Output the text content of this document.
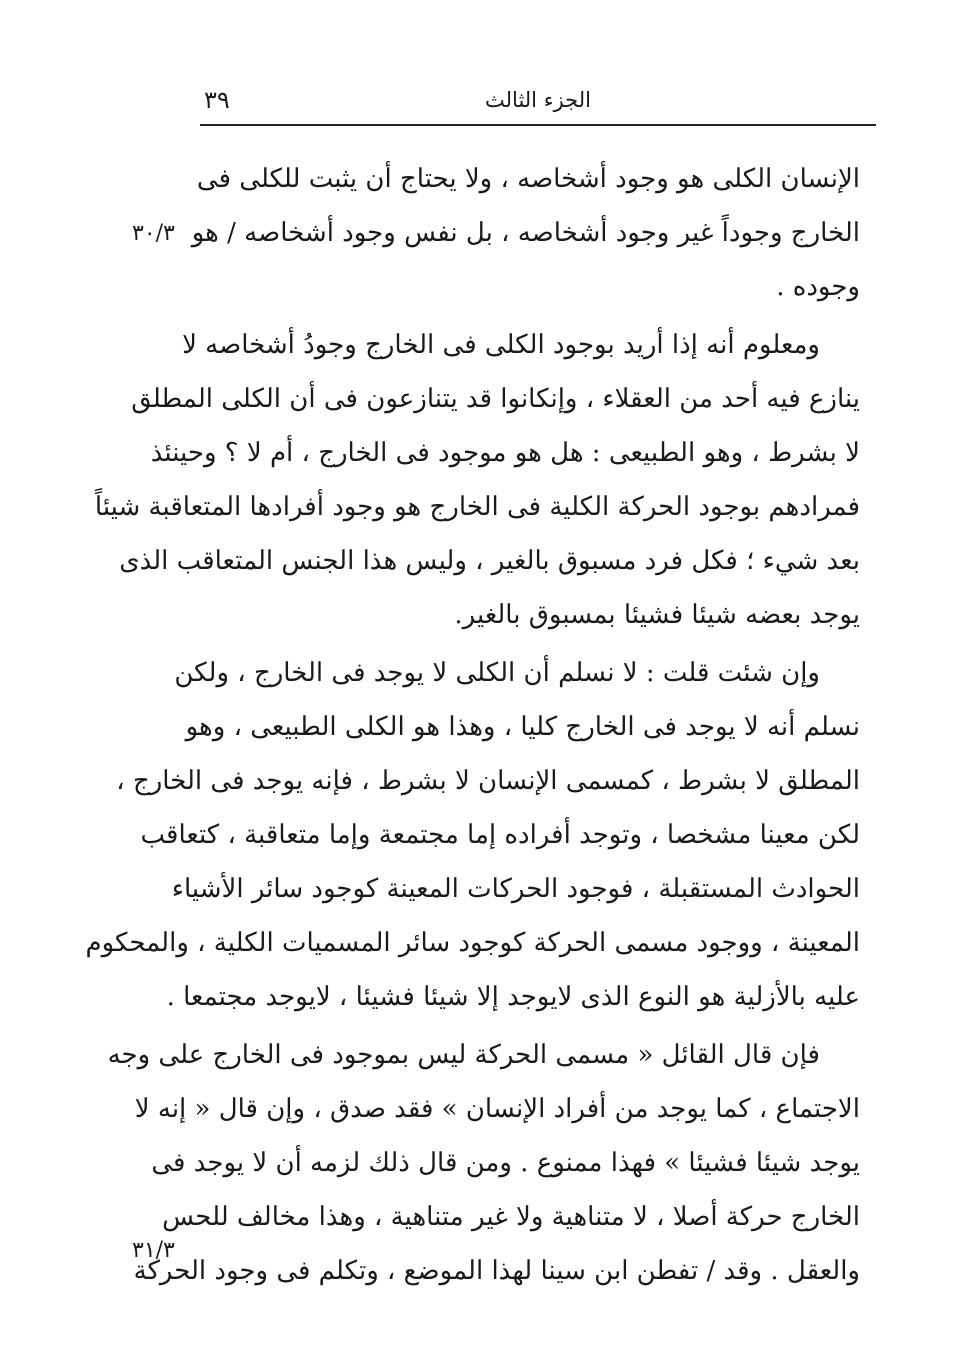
٣٩	الجزء الثالث
٣٠/٣
٣١/٣
الإنسان الكلى هو وجود أشخاصه ، ولا يحتاج أن يثبت للكلى فى
الخارج وجوداً غير وجود أشخاصه ، بل نفس وجود أشخاصه / هو
وجوده .
ومعلوم أنه إذا أريد بوجود الكلى فى الخارج وجودُ أشخاصه لا
ينازع فيه أحد من العقلاء ، وإنكانوا قد يتنازعون فى أن الكلى المطلق
لا بشرط ، وهو الطبيعى : هل هو موجود فى الخارج ، أم لا ؟ وحينئذ
فمرادهم بوجود الحركة الكلية فى الخارج هو وجود أفرادها المتعاقبة شيئاً
بعد شيء ؛ فكل فرد مسبوق بالغير ، وليس هذا الجنس المتعاقب الذى
يوجد بعضه شيئا فشيئا بمسبوق بالغير.
وإن شئت قلت : لا نسلم أن الكلى لا يوجد فى الخارج ، ولكن
نسلم أنه لا يوجد فى الخارج كليا ، وهذا هو الكلى الطبيعى ، وهو
المطلق لا بشرط ، كمسمى الإنسان لا بشرط ، فإنه يوجد فى الخارج ،
لكن معينا مشخصا ، وتوجد أفراده إما مجتمعة وإما متعاقبة ، كتعاقب
الحوادث المستقبلة ، فوجود الحركات المعينة كوجود سائر الأشياء
المعينة ، ووجود مسمى الحركة كوجود سائر المسميات الكلية ، والمحكوم
عليه بالأزلية هو النوع الذى لايوجد إلا شيئا فشيئا ، لايوجد مجتمعا .
فإن قال القائل « مسمى الحركة ليس بموجود فى الخارج على وجه
الاجتماع ، كما يوجد من أفراد الإنسان » فقد صدق ، وإن قال « إنه لا
يوجد شيئا فشيئا » فهذا ممنوع . ومن قال ذلك لزمه أن لا يوجد فى
الخارج حركة أصلا ، لا متناهية ولا غير متناهية ، وهذا مخالف للحس
والعقل . وقد / تفطن ابن سينا لهذا الموضع ، وتكلم فى وجود الحركة
